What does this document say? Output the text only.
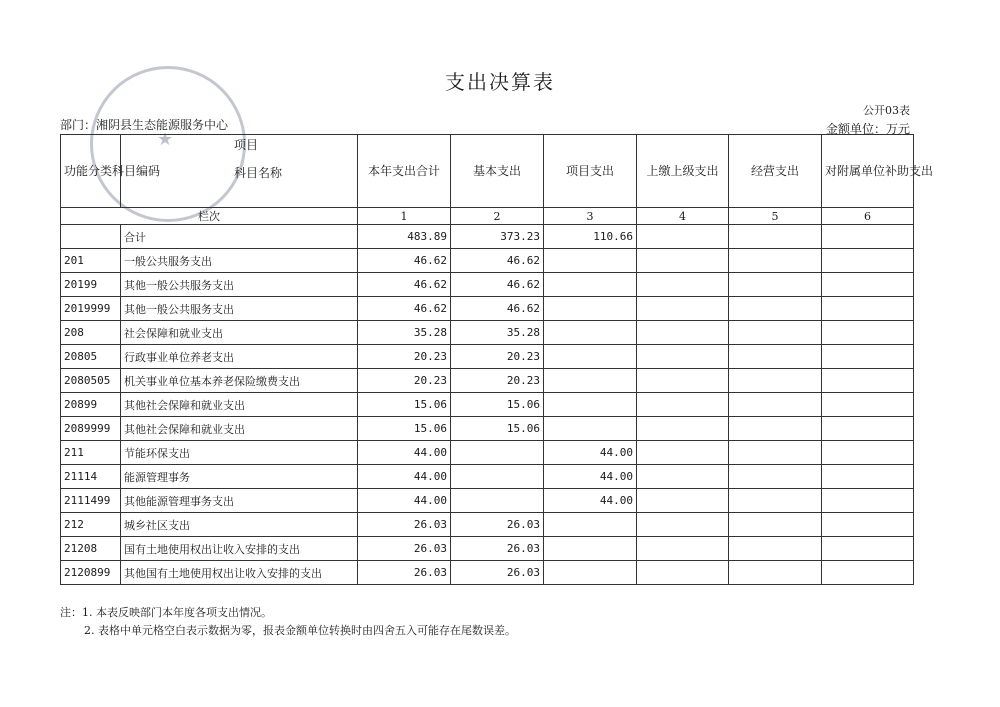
支出决算表
公开03表
部门：湘阴县生态能源服务中心	金额单位：万元
★
功能分类科目编码	项目
科目名称	本年支出合计	基本支出	项目支出	上缴上级支出	经营支出	对附属单位补助支出
栏次		1	2	3	4	5	6
	合计	483.89	373.23	110.66			
201	一般公共服务支出	46.62	46.62				
20199	其他一般公共服务支出	46.62	46.62				
2019999	其他一般公共服务支出	46.62	46.62				
208	社会保障和就业支出	35.28	35.28				
20805	行政事业单位养老支出	20.23	20.23				
2080505	机关事业单位基本养老保险缴费支出	20.23	20.23				
20899	其他社会保障和就业支出	15.06	15.06				
2089999	其他社会保障和就业支出	15.06	15.06				
211	节能环保支出	44.00		44.00			
21114	能源管理事务	44.00		44.00			
2111499	其他能源管理事务支出	44.00		44.00			
212	城乡社区支出	26.03	26.03				
21208	国有土地使用权出让收入安排的支出	26.03	26.03				
2120899	其他国有土地使用权出让收入安排的支出	26.03	26.03				
注：1. 本表反映部门本年度各项支出情况。
2. 表格中单元格空白表示数据为零，报表金额单位转换时由四舍五入可能存在尾数误差。
